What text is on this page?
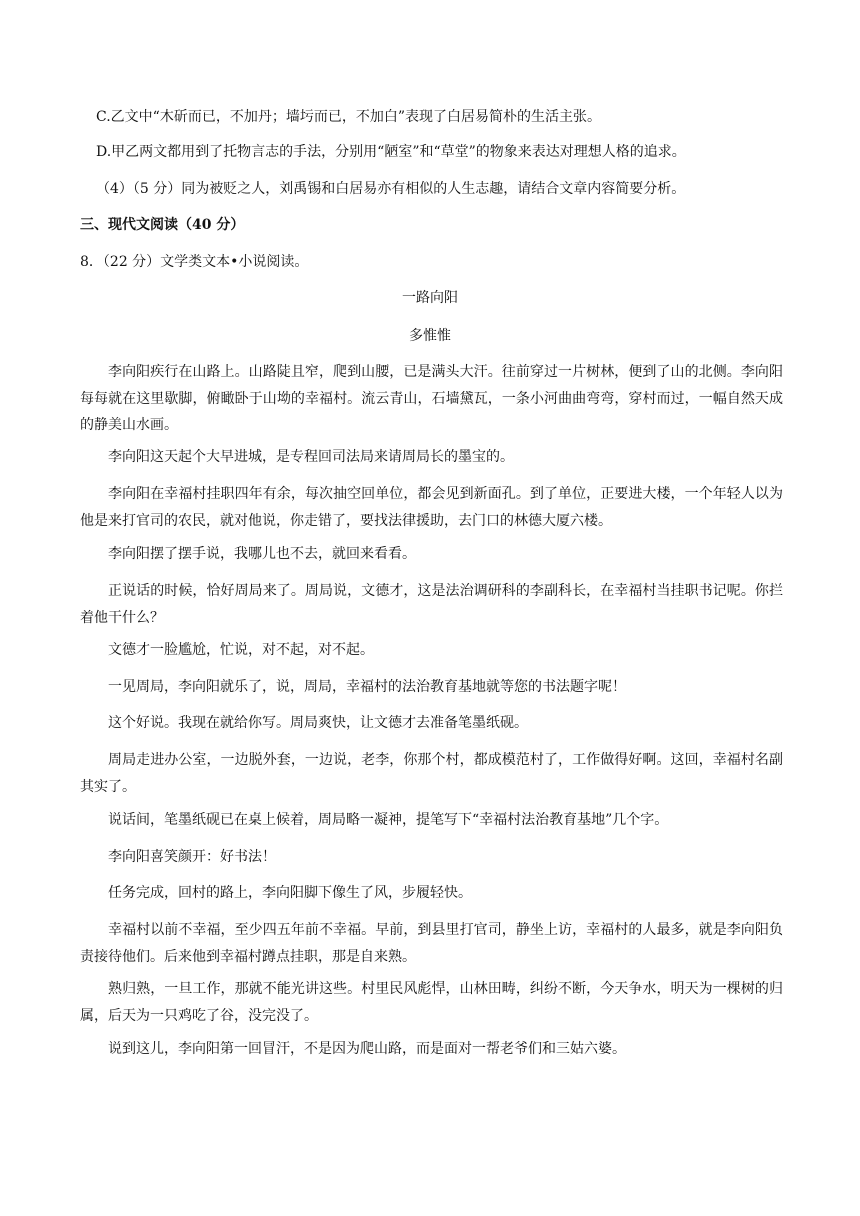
C.乙文中“木斫而已，不加丹；墙圬而已，不加白”表现了白居易简朴的生活主张。
D.甲乙两文都用到了托物言志的手法，分别用“陋室”和“草堂”的物象来表达对理想人格的追求。
（4）（5 分）同为被贬之人，刘禹锡和白居易亦有相似的人生志趣，请结合文章内容简要分析。
三、现代文阅读（40 分）
8．（22 分）文学类文本•小说阅读。
一路向阳
多惟惟
李向阳疾行在山路上。山路陡且窄，爬到山腰，已是满头大汗。往前穿过一片树林，便到了山的北侧。李向阳每每就在这里歇脚，俯瞰卧于山坳的幸福村。流云青山，石墙黛瓦，一条小河曲曲弯弯，穿村而过，一幅自然天成的静美山水画。
李向阳这天起个大早进城，是专程回司法局来请周局长的墨宝的。
李向阳在幸福村挂职四年有余，每次抽空回单位，都会见到新面孔。到了单位，正要进大楼，一个年轻人以为他是来打官司的农民，就对他说，你走错了，要找法律援助，去门口的林德大厦六楼。
李向阳摆了摆手说，我哪儿也不去，就回来看看。
正说话的时候，恰好周局来了。周局说，文德才，这是法治调研科的李副科长，在幸福村当挂职书记呢。你拦着他干什么？
文德才一脸尴尬，忙说，对不起，对不起。
一见周局，李向阳就乐了，说，周局，幸福村的法治教育基地就等您的书法题字呢！
这个好说。我现在就给你写。周局爽快，让文德才去准备笔墨纸砚。
周局走进办公室，一边脱外套，一边说，老李，你那个村，都成模范村了，工作做得好啊。这回，幸福村名副其实了。
说话间，笔墨纸砚已在桌上候着，周局略一凝神，提笔写下“幸福村法治教育基地”几个字。
李向阳喜笑颜开：好书法！
任务完成，回村的路上，李向阳脚下像生了风，步履轻快。
幸福村以前不幸福，至少四五年前不幸福。早前，到县里打官司，静坐上访，幸福村的人最多，就是李向阳负责接待他们。后来他到幸福村蹲点挂职，那是自来熟。
熟归熟，一旦工作，那就不能光讲这些。村里民风彪悍，山林田畴，纠纷不断，今天争水，明天为一棵树的归属，后天为一只鸡吃了谷，没完没了。
说到这儿，李向阳第一回冒汗，不是因为爬山路，而是面对一帮老爷们和三姑六婆。
